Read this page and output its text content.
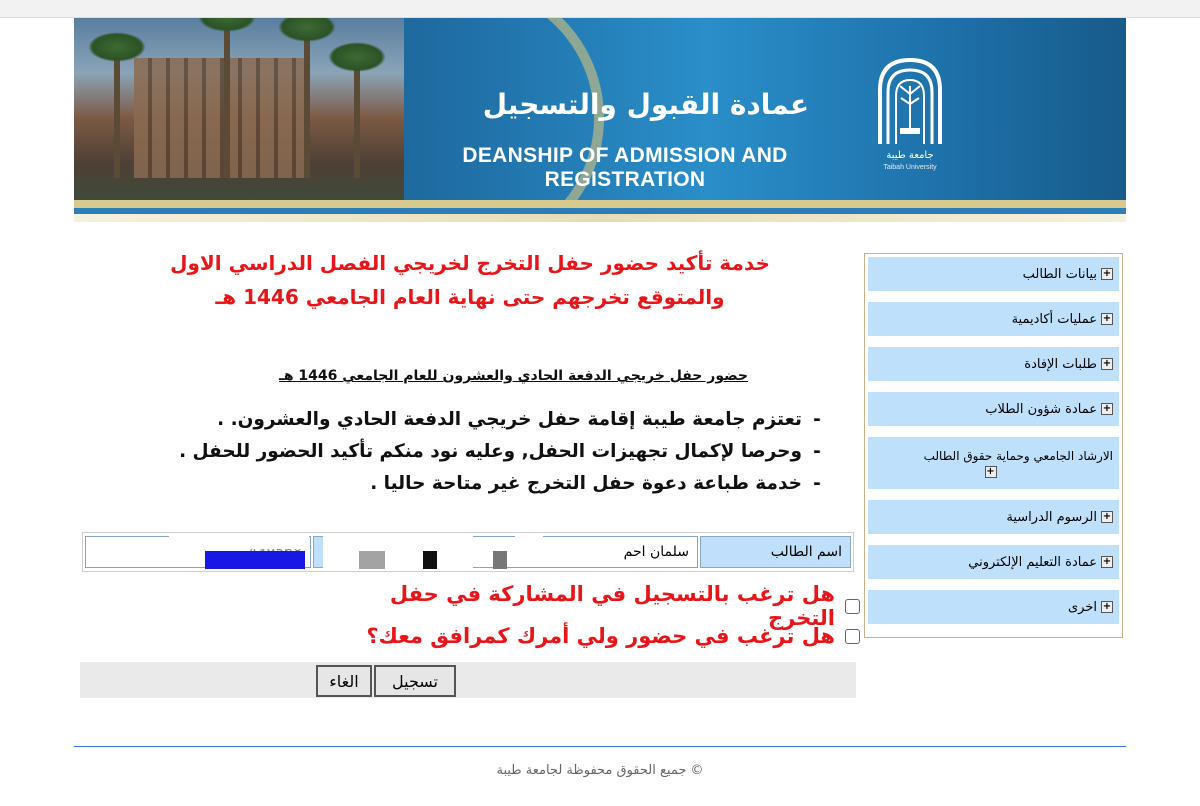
عمادة القبول والتسجيل
DEANSHIP OF ADMISSION AND REGISTRATION
جامعة طيبة
Taibah University
+
بيانات الطالب
+
عمليات أكاديمية
+
طلبات الإفادة
+
عمادة شؤون الطلاب
الارشاد الجامعي وحماية حقوق الطالب
+
+
الرسوم الدراسية
+
عمادة التعليم الإلكتروني
+
اخرى
خدمة تأكيد حضور حفل التخرج لخريجي الفصل الدراسي الاول
والمتوقع تخرجهم حتى نهاية العام الجامعي 1446 هـ
حضور حفل خريجي الدفعة الحادي والعشرون للعام الجامعي 1446 هـ
-تعتزم جامعة طيبة إقامة حفل خريجي الدفعة الحادي والعشرون. .
-وحرصا لإكمال تجهيزات الحفل, وعليه نود منكم تأكيد الحضور للحفل .
-خدمة طباعة دعوة حفل التخرج غير متاحة حاليا .
اسم الطالب
سلمان احم
هل ترغب بالتسجيل في المشاركة في حفل التخرج
هل ترغب في حضور ولي أمرك كمرافق معك؟
تسجيل
الغاء
© جميع الحقوق محفوظة لجامعة طيبة
